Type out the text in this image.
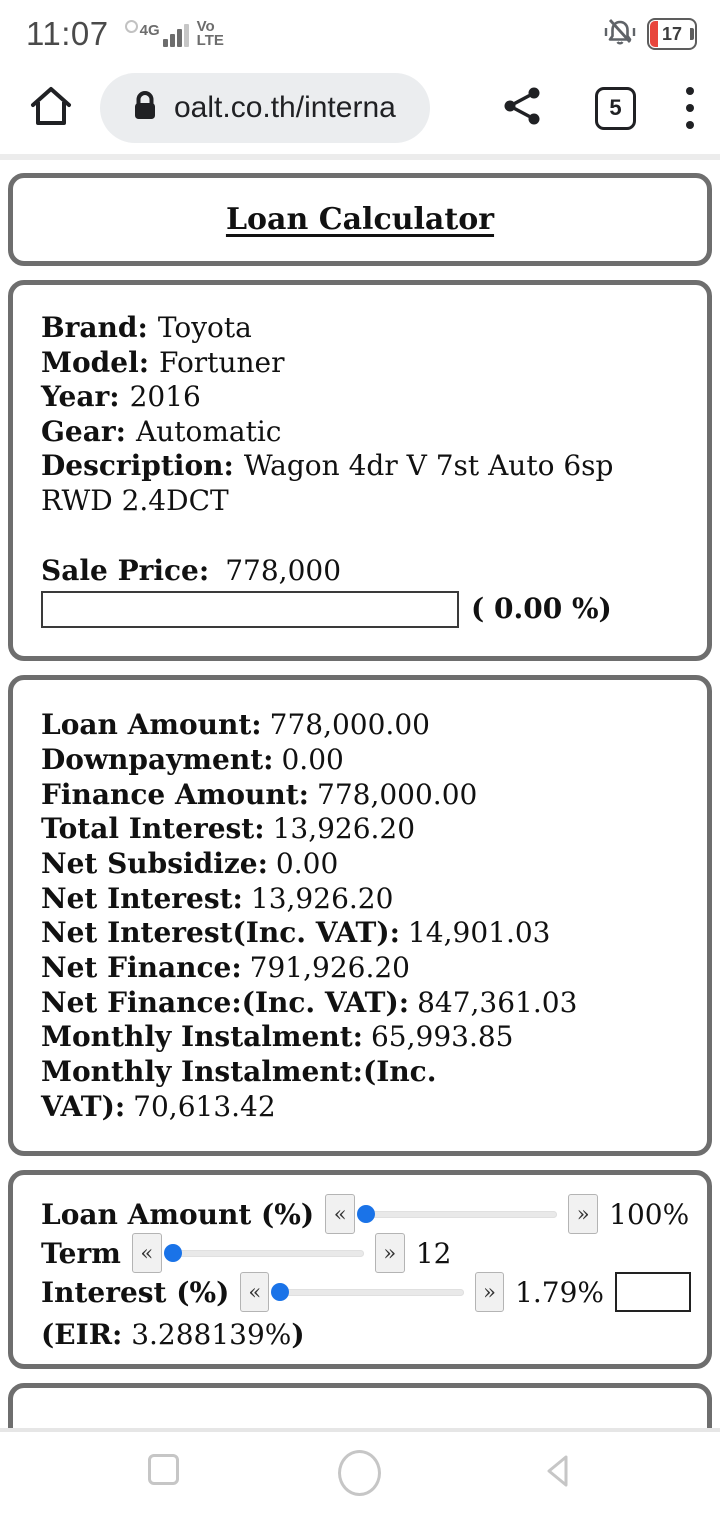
11:07 4G Vo
LTE	17
oalt.co.th/interna	5
Loan Calculator
Brand: Toyota
Model: Fortuner
Year: 2016
Gear: Automatic
Description: Wagon 4dr V 7st Auto 6sp RWD 2.4DCT
Sale Price: 778,000
( 0.00 %)
Loan Amount: 778,000.00
Downpayment: 0.00
Finance Amount: 778,000.00
Total Interest: 13,926.20
Net Subsidize: 0.00
Net Interest: 13,926.20
Net Interest(Inc. VAT): 14,901.03
Net Finance: 791,926.20
Net Finance:(Inc. VAT): 847,361.03
Monthly Instalment: 65,993.85
Monthly Instalment:(Inc. VAT): 70,613.42
Loan Amount (%) «	» 100%
Term «	» 12
Interest (%) «	» 1.79%
(EIR: 3.288139%)
